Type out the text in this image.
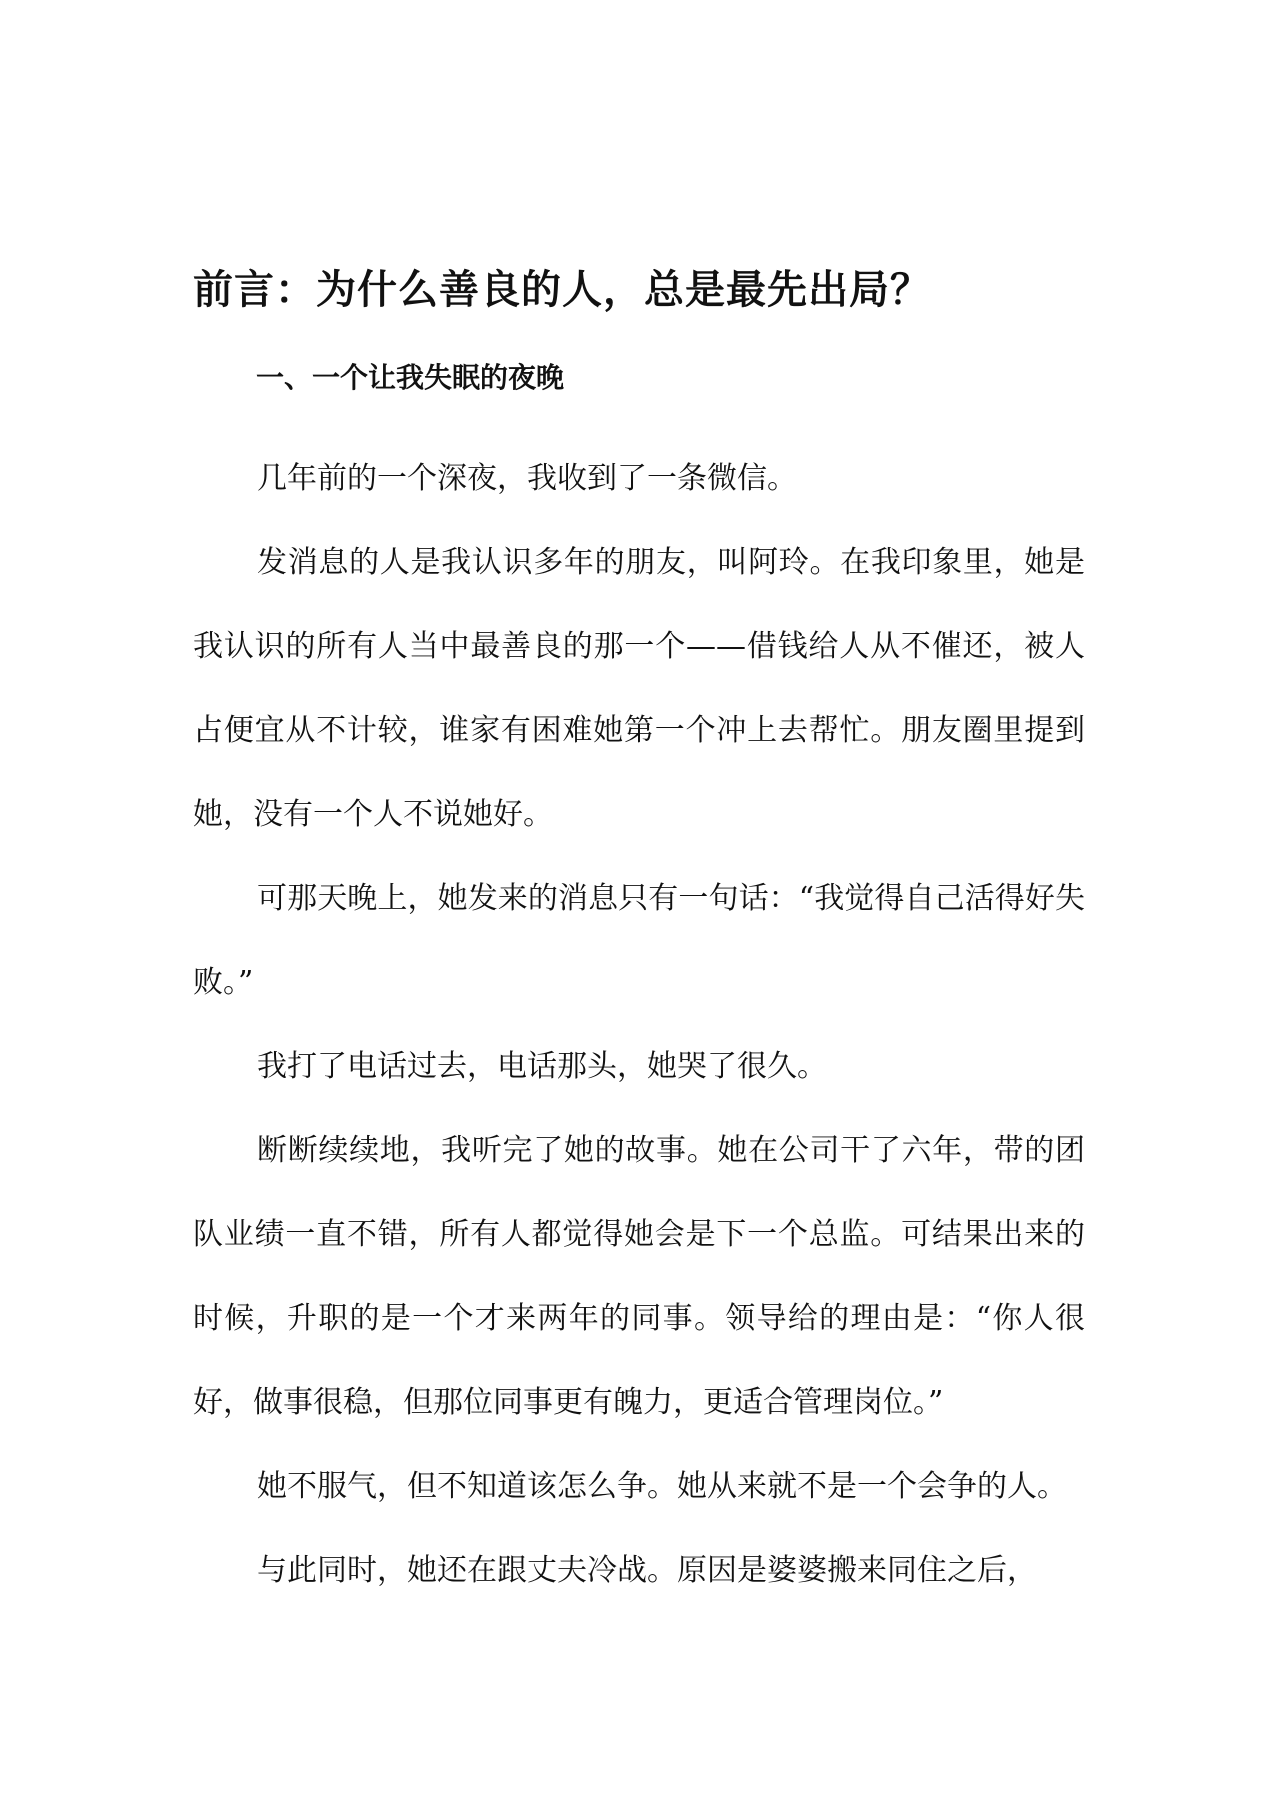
前言：为什么善良的人，总是最先出局？
一、一个让我失眠的夜晚

几年前的一个深夜，我收到了一条微信。

发消息的人是我认识多年的朋友，叫阿玲。在我印象里，她是我认识的所有人当中最善良的那一个——借钱给人从不催还，被人占便宜从不计较，谁家有困难她第一个冲上去帮忙。朋友圈里提到她，没有一个人不说她好。

可那天晚上，她发来的消息只有一句话：“我觉得自己活得好失败。”

我打了电话过去，电话那头，她哭了很久。

断断续续地，我听完了她的故事。她在公司干了六年，带的团队业绩一直不错，所有人都觉得她会是下一个总监。可结果出来的时候，升职的是一个才来两年的同事。领导给的理由是：“你人很好，做事很稳，但那位同事更有魄力，更适合管理岗位。”

她不服气，但不知道该怎么争。她从来就不是一个会争的人。

与此同时，她还在跟丈夫冷战。原因是婆婆搬来同住之后，
